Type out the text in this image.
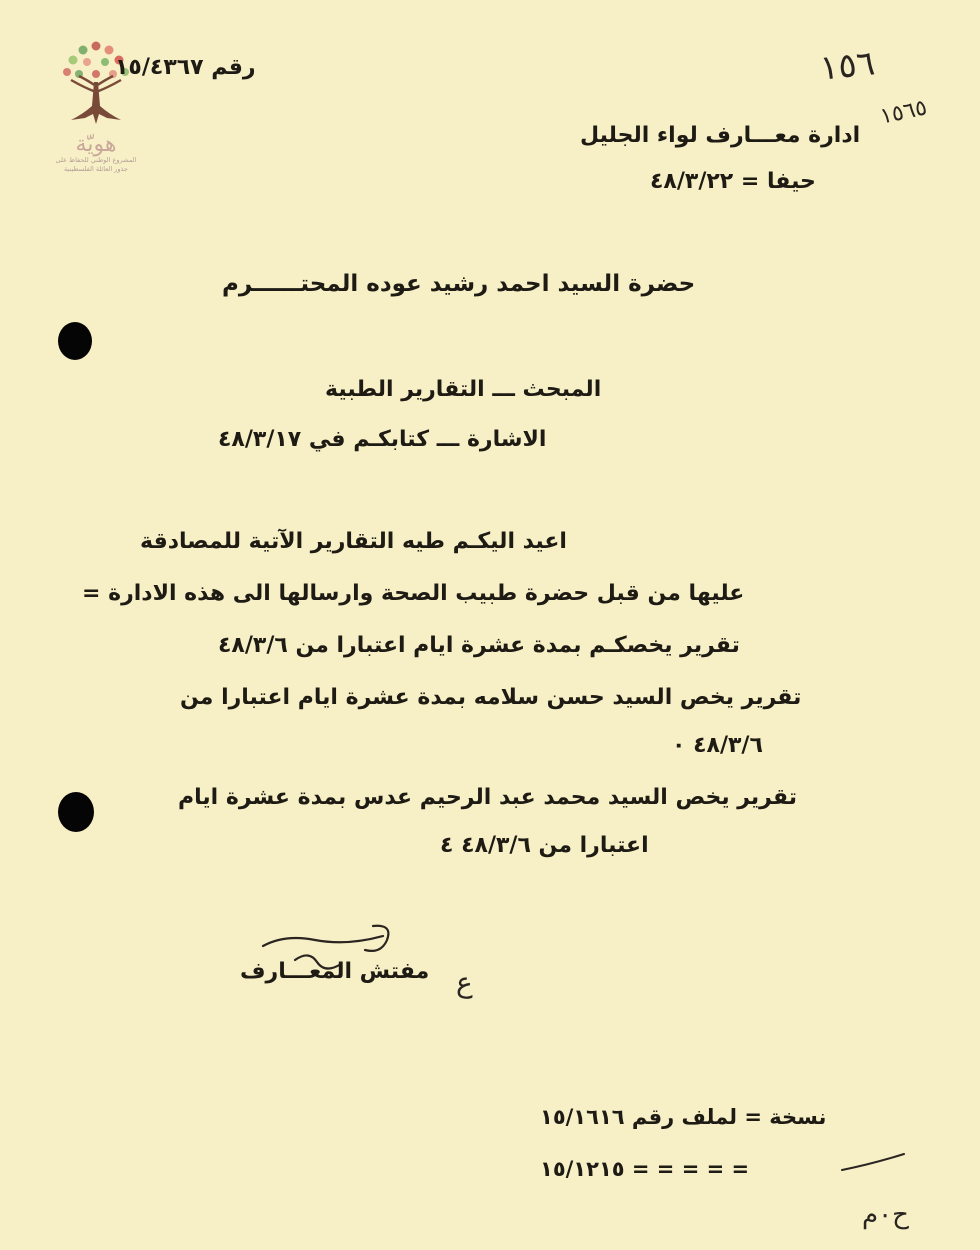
هويّة
المشروع الوطني للحفاظ على
جذور العائلة الفلسطينية
رقم ١٥/٤٣٦٧	١٥٦
١٥٦٥
ادارة معـــارف لواء الجليل
حيفا = ٤٨/٣/٢٢
حضرة السيد احمد رشيد عوده المحتــــــرم
المبحث ـــ التقارير الطبية
الاشارة ـــ كتابكـم في ٤٨/٣/١٧
اعيد اليكـم طيه التقارير الآتية للمصادقة
عليها من قبل حضرة طبيب الصحة وارسالها الى هذه الادارة =
تقرير يخصكـم بمدة عشرة ايام اعتبارا من ٤٨/٣/٦
تقرير يخص السيد حسن سلامه بمدة عشرة ايام اعتبارا من
٤٨/٣/٦ ٠
تقرير يخص السيد محمد عبد الرحيم عدس بمدة عشرة ايام
اعتبارا من ٤٨/٣/٦ ٤
مفتش المعـــارف ع
نسخة = لملف رقم ١٥/١٦١٦
= = = = = ١٥/١٢١٥
ح٠م
